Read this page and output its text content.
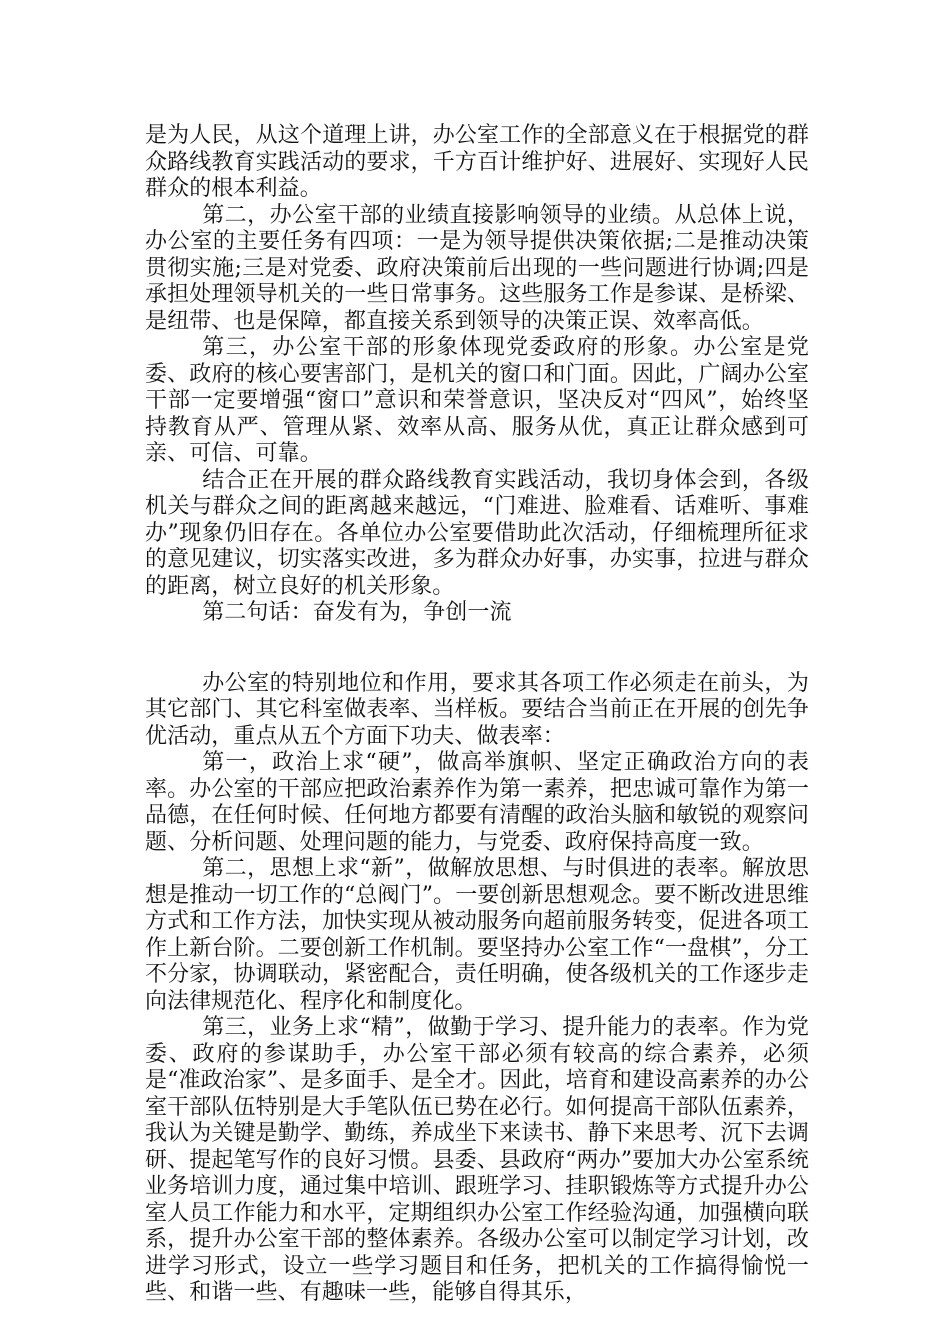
是为人民，从这个道理上讲，办公室工作的全部意义在于根据党的群众路线教育实践活动的要求，千方百计维护好、进展好、实现好人民群众的根本利益。

第二，办公室干部的业绩直接影响领导的业绩。从总体上说，办公室的主要任务有四项：一是为领导提供决策依据;二是推动决策贯彻实施;三是对党委、政府决策前后出现的一些问题进行协调;四是承担处理领导机关的一些日常事务。这些服务工作是参谋、是桥梁、是纽带、也是保障，都直接关系到领导的决策正误、效率高低。

第三，办公室干部的形象体现党委政府的形象。办公室是党委、政府的核心要害部门，是机关的窗口和门面。因此，广阔办公室干部一定要增强“窗口”意识和荣誉意识，坚决反对“四风”，始终坚持教育从严、管理从紧、效率从高、服务从优，真正让群众感到可亲、可信、可靠。

结合正在开展的群众路线教育实践活动，我切身体会到，各级机关与群众之间的距离越来越远，“门难进、脸难看、话难听、事难办”现象仍旧存在。各单位办公室要借助此次活动，仔细梳理所征求的意见建议，切实落实改进，多为群众办好事，办实事，拉进与群众的距离，树立良好的机关形象。

第二句话：奋发有为，争创一流

办公室的特别地位和作用，要求其各项工作必须走在前头，为其它部门、其它科室做表率、当样板。要结合当前正在开展的创先争优活动，重点从五个方面下功夫、做表率：

第一，政治上求“硬”，做高举旗帜、坚定正确政治方向的表率。办公室的干部应把政治素养作为第一素养，把忠诚可靠作为第一品德，在任何时候、任何地方都要有清醒的政治头脑和敏锐的观察问题、分析问题、处理问题的能力，与党委、政府保持高度一致。

第二，思想上求“新”，做解放思想、与时俱进的表率。解放思想是推动一切工作的“总阀门”。一要创新思想观念。要不断改进思维方式和工作方法，加快实现从被动服务向超前服务转变，促进各项工作上新台阶。二要创新工作机制。要坚持办公室工作“一盘棋”，分工不分家，协调联动，紧密配合，责任明确，使各级机关的工作逐步走向法律规范化、程序化和制度化。

第三，业务上求“精”，做勤于学习、提升能力的表率。作为党委、政府的参谋助手，办公室干部必须有较高的综合素养，必须是“准政治家”、是多面手、是全才。因此，培育和建设高素养的办公室干部队伍特别是大手笔队伍已势在必行。如何提高干部队伍素养，我认为关键是勤学、勤练，养成坐下来读书、静下来思考、沉下去调研、提起笔写作的良好习惯。县委、县政府“两办”要加大办公室系统业务培训力度，通过集中培训、跟班学习、挂职锻炼等方式提升办公室人员工作能力和水平，定期组织办公室工作经验沟通，加强横向联系，提升办公室干部的整体素养。各级办公室可以制定学习计划，改进学习形式，设立一些学习题目和任务，把机关的工作搞得愉悦一些、和谐一些、有趣味一些，能够自得其乐，
